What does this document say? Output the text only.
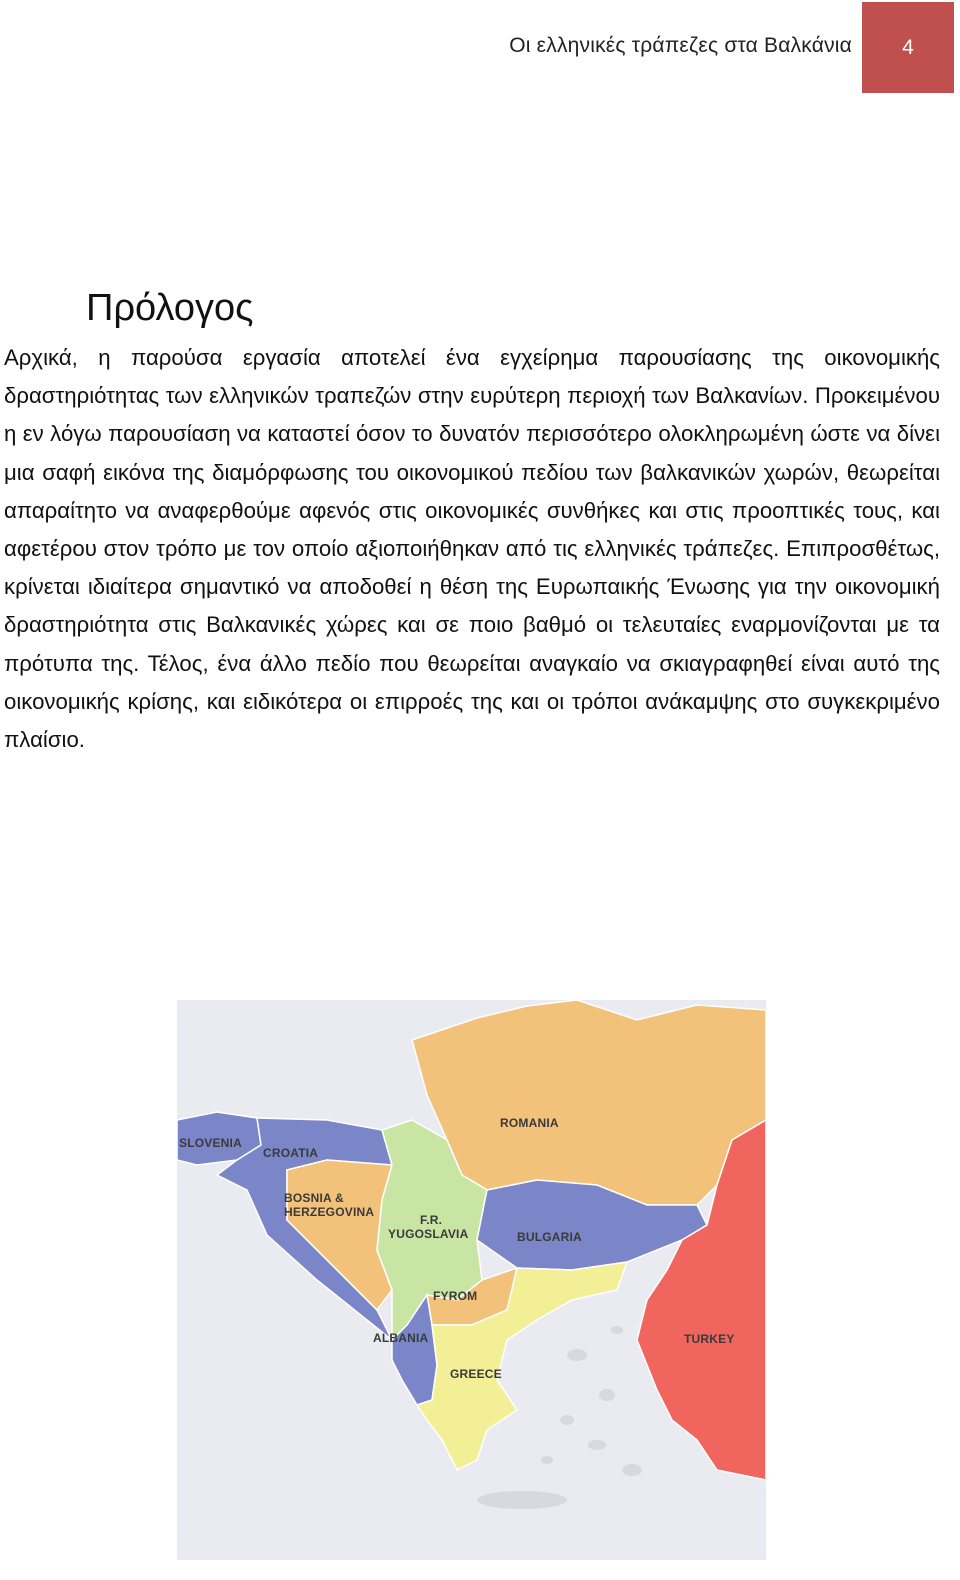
Οι ελληνικές τράπεζες στα Βαλκάνια 4
Πρόλογος

Αρχικά, η παρούσα εργασία αποτελεί ένα εγχείρημα παρουσίασης της οικονομικής δραστηριότητας των ελληνικών τραπεζών στην ευρύτερη περιοχή των Βαλκανίων. Προκειμένου η εν λόγω παρουσίαση να καταστεί όσον το δυνατόν περισσότερο ολοκληρωμένη ώστε να δίνει μια σαφή εικόνα της διαμόρφωσης του οικονομικού πεδίου των βαλκανικών χωρών, θεωρείται απαραίτητο να αναφερθούμε αφενός στις οικονομικές συνθήκες και στις προοπτικές τους, και αφετέρου στον τρόπο με τον οποίο αξιοποιήθηκαν από τις ελληνικές τράπεζες. Επιπροσθέτως, κρίνεται ιδιαίτερα σημαντικό να αποδοθεί η θέση της Ευρωπαικής Ένωσης για την οικονομική δραστηριότητα στις Βαλκανικές χώρες και σε ποιο βαθμό οι τελευταίες εναρμονίζονται με τα πρότυπα της. Τέλος, ένα άλλο πεδίο που θεωρείται αναγκαίο να σκιαγραφηθεί είναι αυτό της οικονομικής κρίσης, και ειδικότερα οι επιρροές της και οι τρόποι ανάκαμψης στο συγκεκριμένο πλαίσιο.

SLOVENIA
CROATIA
BOSNIA &
HERZEGOVINA
ROMANIA
F.R.
YUGOSLAVIA	BULGARIA
FYROM
ALBANIA
GREECE
TURKEY
